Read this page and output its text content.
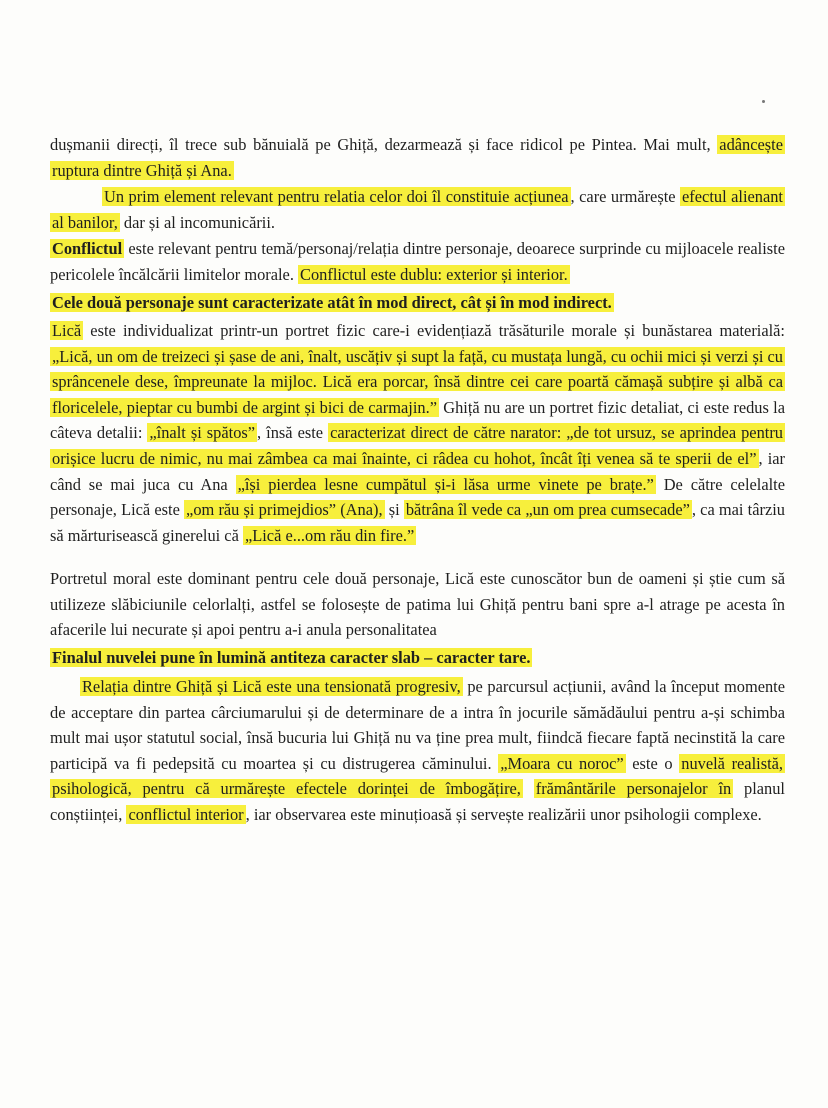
dușmanii direcți, îl trece sub bănuială pe Ghiță, dezarmează și face ridicol pe Pintea. Mai mult, adâncește ruptura dintre Ghiță și Ana.

Un prim element relevant pentru relatia celor doi îl constituie acțiunea , care urmărește efectul alienant al banilor, dar și al incomunicării.

Conflictul este relevant pentru temă/personaj/relația dintre personaje, deoarece surprinde cu mijloacele realiste pericolele încălcării limitelor morale. Conflictul este dublu: exterior și interior.

Cele două personaje sunt caracterizate atât în mod direct, cât și în mod indirect.

Lică este individualizat printr-un portret fizic care-i evidențiază trăsăturile morale și bunăstarea materială: „Lică, un om de treizeci și șase de ani, înalt, uscățiv și supt la față, cu mustața lungă, cu ochii mici și verzi și cu sprâncenele dese, împreunate la mijloc. Lică era porcar, însă dintre cei care poartă cămașă subțire și albă ca floricelele, pieptar cu bumbi de argint și bici de carmajin.” Ghiță nu are un portret fizic detaliat, ci este redus la câteva detalii: „înalt și spătos” , însă este caracterizat direct de către narator: „de tot ursuz, se aprindea pentru orișice lucru de nimic, nu mai zâmbea ca mai înainte, ci râdea cu hohot, încât îți venea să te sperii de el” , iar când se mai juca cu Ana „își pierdea lesne cumpătul și-i lăsa urme vinete pe brațe.” De către celelalte personaje, Lică este „om rău și primejdios” (Ana), și bătrâna îl vede ca „un om prea cumsecade” , ca mai târziu să mărturisească ginerelui că „Lică e...om rău din fire.”

Portretul moral este dominant pentru cele două personaje, Lică este cunoscător bun de oameni și știe cum să utilizeze slăbiciunile celorlalți, astfel se folosește de patima lui Ghiță pentru bani spre a-l atrage pe acesta în afacerile lui necurate și apoi pentru a-i anula personalitatea

Finalul nuvelei pune în lumină antiteza caracter slab – caracter tare.

Relația dintre Ghiță și Lică este una tensionată progresiv, pe parcursul acțiunii, având la început momente de acceptare din partea cârciumarului și de determinare de a intra în jocurile sămădăului pentru a-și schimba mult mai ușor statutul social, însă bucuria lui Ghiță nu va ține prea mult, fiindcă fiecare faptă necinstită la care participă va fi pedepsită cu moartea și cu distrugerea căminului. „Moara cu noroc” este o nuvelă realistă, psihologică, pentru că urmărește efectele dorinței de îmbogățire, frământările personajelor în planul conștiinței, conflictul interior , iar observarea este minuțioasă și servește realizării unor psihologii complexe.
